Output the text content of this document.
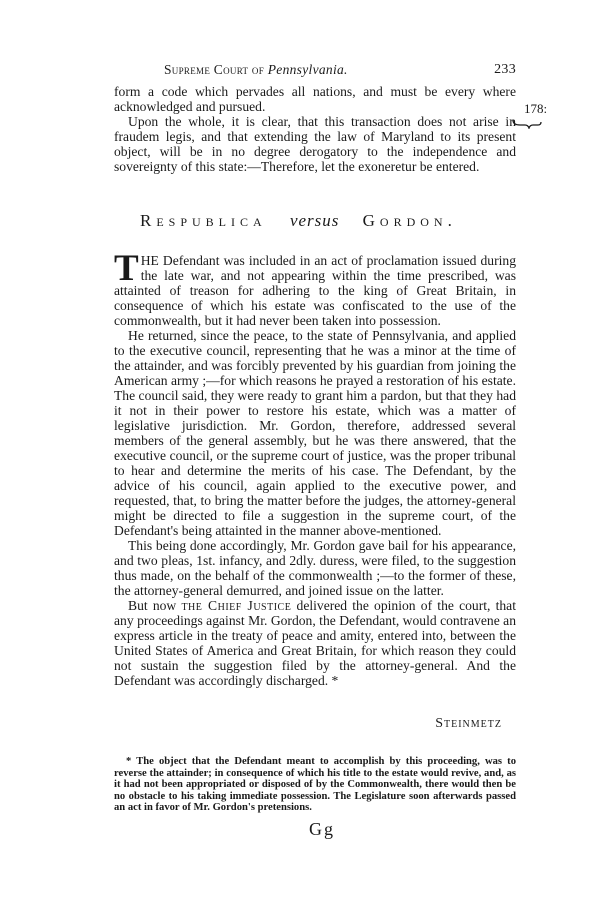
Supreme Court of Pennsylvania.	233

form a code which pervades all nations, and must be every where acknowledged and pursued.

Upon the whole, it is clear, that this transaction does not arise in fraudem legis, and that extending the law of Maryland to its present object, will be in no degree derogatory to the independence and sovereignty of this state:—Therefore, let the exoneretur be entered.

Respublica versus Gordon.

THE Defendant was included in an act of proclamation issued during the late war, and not appearing within the time prescribed, was attainted of treason for adhering to the king of Great Britain, in consequence of which his estate was confiscated to the use of the commonwealth, but it had never been taken into possession.

He returned, since the peace, to the state of Pennsylvania, and applied to the executive council, representing that he was a minor at the time of the attainder, and was forcibly prevented by his guardian from joining the American army ;—for which reasons he prayed a restoration of his estate. The council said, they were ready to grant him a pardon, but that they had it not in their power to restore his estate, which was a matter of legislative jurisdiction. Mr. Gordon, therefore, addressed several members of the general assembly, but he was there answered, that the executive council, or the supreme court of justice, was the proper tribunal to hear and determine the merits of his case. The Defendant, by the advice of his council, again applied to the executive power, and requested, that, to bring the matter before the judges, the attorney-general might be directed to file a suggestion in the supreme court, of the Defendant's being attainted in the manner above-mentioned.

This being done accordingly, Mr. Gordon gave bail for his appearance, and two pleas, 1st. infancy, and 2dly. duress, were filed, to the suggestion thus made, on the behalf of the commonwealth ;—to the former of these, the attorney-general demurred, and joined issue on the latter.

But now the Chief Justice delivered the opinion of the court, that any proceedings against Mr. Gordon, the Defendant, would contravene an express article in the treaty of peace and amity, entered into, between the United States of America and Great Britain, for which reason they could not sustain the suggestion filed by the attorney-general. And the Defendant was accordingly discharged. *

Steinmetz
* The object that the Defendant meant to accomplish by this proceeding, was to reverse the attainder; in consequence of which his title to the estate would revive, and, as it had not been appropriated or disposed of by the Commonwealth, there would then be no obstacle to his taking immediate possession. The Legislature soon afterwards passed an act in favor of Mr. Gordon's pretensions.
Gg
178:
